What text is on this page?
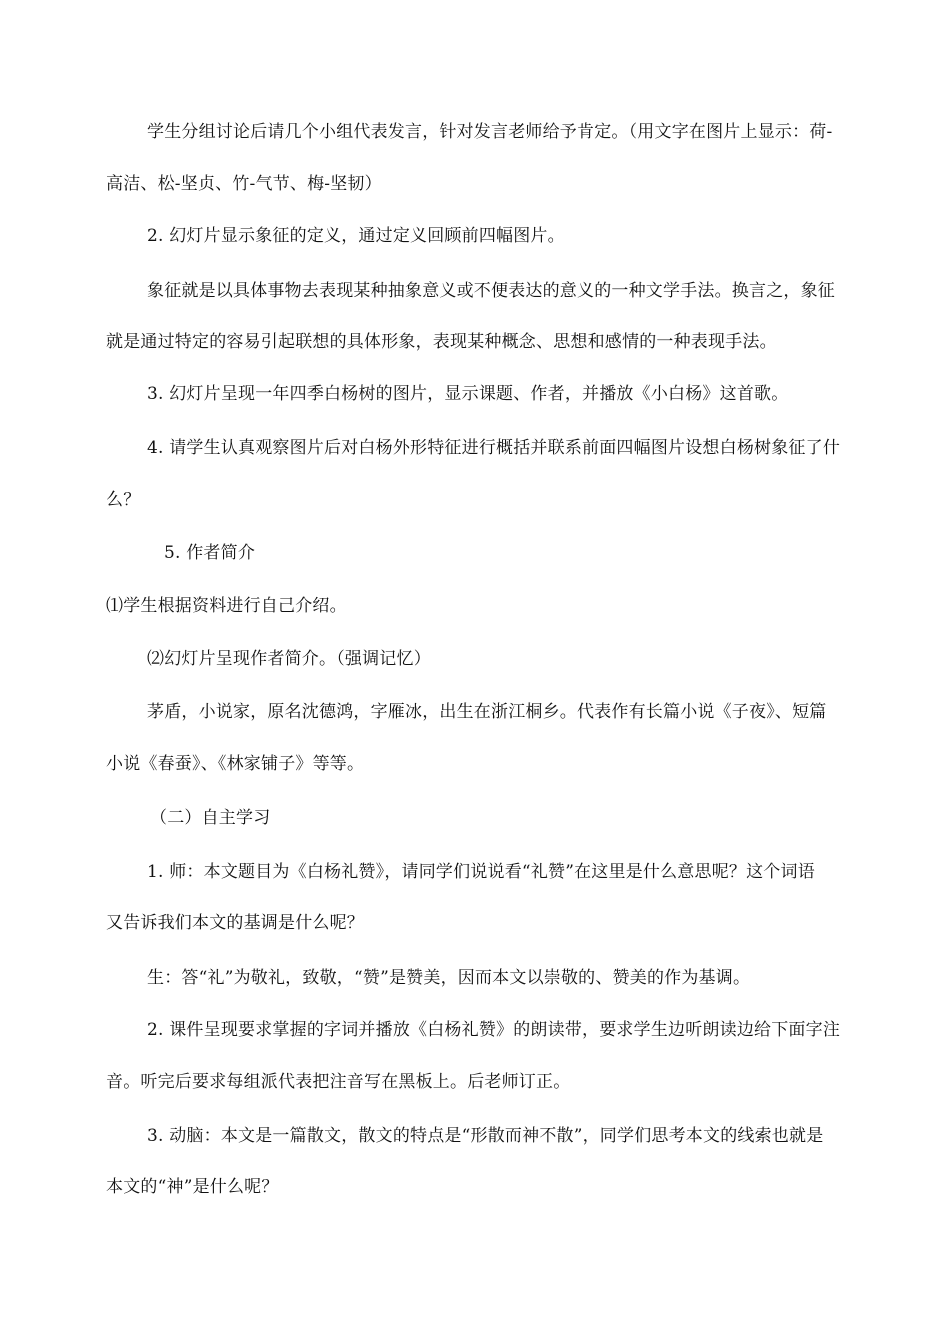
学生分组讨论后请几个小组代表发言，针对发言老师给予肯定。（用文字在图片上显示：荷-
高洁、松-坚贞、竹-气节、梅-坚韧）
2. 幻灯片显示象征的定义，通过定义回顾前四幅图片。
象征就是以具体事物去表现某种抽象意义或不便表达的意义的一种文学手法。换言之，象征
就是通过特定的容易引起联想的具体形象，表现某种概念、思想和感情的一种表现手法。
3. 幻灯片呈现一年四季白杨树的图片，显示课题、作者，并播放《小白杨》这首歌。
4. 请学生认真观察图片后对白杨外形特征进行概括并联系前面四幅图片设想白杨树象征了什
么？
5. 作者简介
⑴学生根据资料进行自己介绍。
⑵幻灯片呈现作者简介。（强调记忆）
茅盾，小说家，原名沈德鸿，字雁冰，出生在浙江桐乡。代表作有长篇小说《子夜》、短篇
小说《春蚕》、《林家铺子》等等。
（二）自主学习
1. 师：本文题目为《白杨礼赞》，请同学们说说看“礼赞”在这里是什么意思呢？这个词语
又告诉我们本文的基调是什么呢？
生：答“礼”为敬礼，致敬，“赞”是赞美，因而本文以崇敬的、赞美的作为基调。
2. 课件呈现要求掌握的字词并播放《白杨礼赞》的朗读带，要求学生边听朗读边给下面字注
音。听完后要求每组派代表把注音写在黑板上。后老师订正。
3. 动脑：本文是一篇散文，散文的特点是“形散而神不散”，同学们思考本文的线索也就是
本文的“神”是什么呢？
